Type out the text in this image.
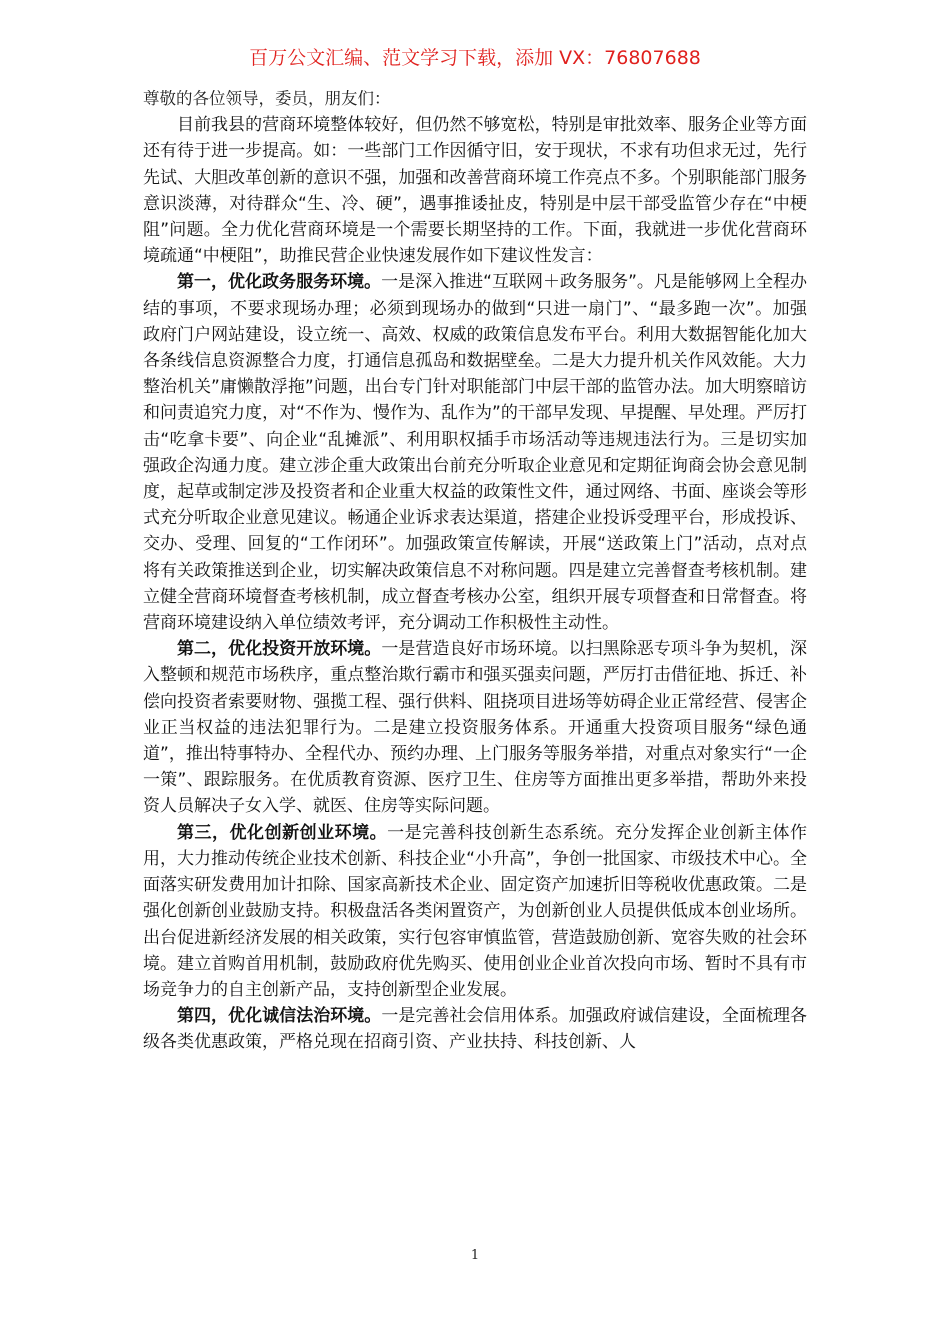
百万公文汇编、范文学习下载，添加 VX：76807688

尊敬的各位领导，委员，朋友们：

目前我县的营商环境整体较好，但仍然不够宽松，特别是审批效率、服务企业等方面还有待于进一步提高。如：一些部门工作因循守旧，安于现状，不求有功但求无过，先行先试、大胆改革创新的意识不强，加强和改善营商环境工作亮点不多。个别职能部门服务意识淡薄，对待群众“生、冷、硬”，遇事推诿扯皮，特别是中层干部受监管少存在“中梗阻”问题。全力优化营商环境是一个需要长期坚持的工作。下面，我就进一步优化营商环境疏通“中梗阻”，助推民营企业快速发展作如下建议性发言：

第一，优化政务服务环境。一是深入推进“互联网＋政务服务”。凡是能够网上全程办结的事项，不要求现场办理；必须到现场办的做到“只进一扇门”、“最多跑一次”。加强政府门户网站建设，设立统一、高效、权威的政策信息发布平台。利用大数据智能化加大各条线信息资源整合力度，打通信息孤岛和数据壁垒。二是大力提升机关作风效能。大力整治机关”庸懒散浮拖”问题，出台专门针对职能部门中层干部的监管办法。加大明察暗访和问责追究力度，对“不作为、慢作为、乱作为”的干部早发现、早提醒、早处理。严厉打击“吃拿卡要”、向企业“乱摊派”、利用职权插手市场活动等违规违法行为。三是切实加强政企沟通力度。建立涉企重大政策出台前充分听取企业意见和定期征询商会协会意见制度，起草或制定涉及投资者和企业重大权益的政策性文件，通过网络、书面、座谈会等形式充分听取企业意见建议。畅通企业诉求表达渠道，搭建企业投诉受理平台，形成投诉、交办、受理、回复的“工作闭环”。加强政策宣传解读，开展“送政策上门”活动，点对点将有关政策推送到企业，切实解决政策信息不对称问题。四是建立完善督查考核机制。建立健全营商环境督查考核机制，成立督查考核办公室，组织开展专项督查和日常督查。将营商环境建设纳入单位绩效考评，充分调动工作积极性主动性。

第二，优化投资开放环境。一是营造良好市场环境。以扫黑除恶专项斗争为契机，深入整顿和规范市场秩序，重点整治欺行霸市和强买强卖问题，严厉打击借征地、拆迁、补偿向投资者索要财物、强揽工程、强行供料、阻挠项目进场等妨碍企业正常经营、侵害企业正当权益的违法犯罪行为。二是建立投资服务体系。开通重大投资项目服务“绿色通道”，推出特事特办、全程代办、预约办理、上门服务等服务举措，对重点对象实行“一企一策”、跟踪服务。在优质教育资源、医疗卫生、住房等方面推出更多举措，帮助外来投资人员解决子女入学、就医、住房等实际问题。

第三，优化创新创业环境。一是完善科技创新生态系统。充分发挥企业创新主体作用，大力推动传统企业技术创新、科技企业“小升高”，争创一批国家、市级技术中心。全面落实研发费用加计扣除、国家高新技术企业、固定资产加速折旧等税收优惠政策。二是强化创新创业鼓励支持。积极盘活各类闲置资产，为创新创业人员提供低成本创业场所。出台促进新经济发展的相关政策，实行包容审慎监管，营造鼓励创新、宽容失败的社会环境。建立首购首用机制，鼓励政府优先购买、使用创业企业首次投向市场、暂时不具有市场竞争力的自主创新产品，支持创新型企业发展。

第四，优化诚信法治环境。一是完善社会信用体系。加强政府诚信建设，全面梳理各级各类优惠政策，严格兑现在招商引资、产业扶持、科技创新、人

1
